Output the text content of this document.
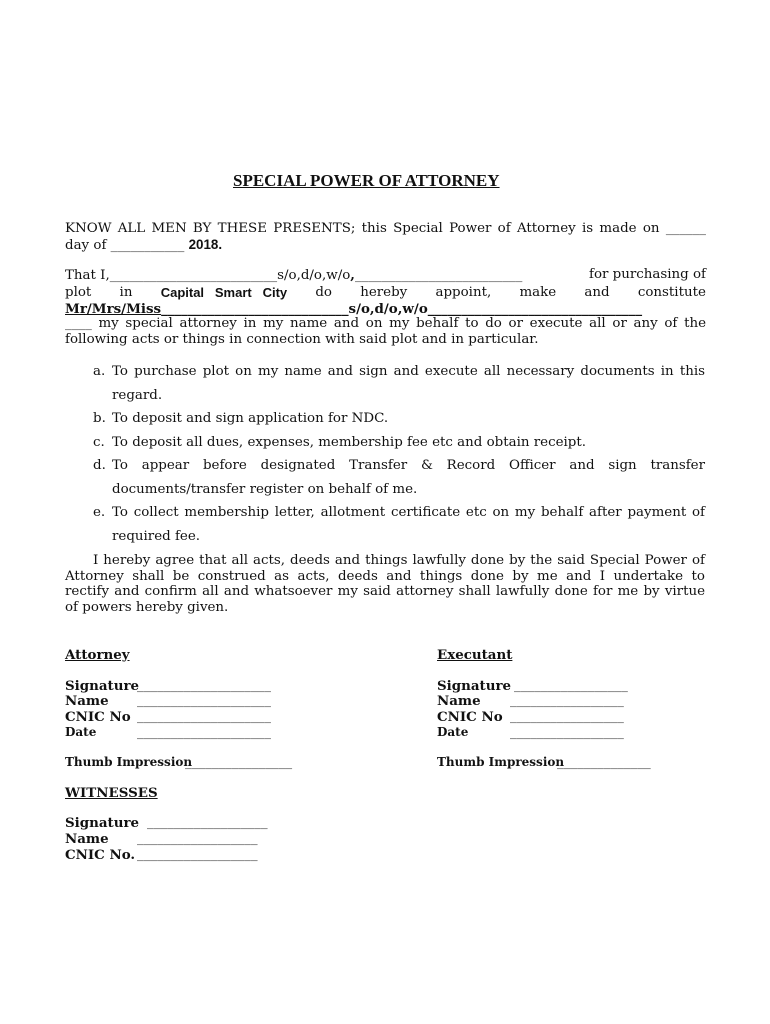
SPECIAL POWER OF ATTORNEY
KNOW ALL MEN BY THESE PRESENTS; this Special Power of Attorney is made on ______
day of ___________ 2018.
That I,_________________________s/o,d/o,w/o,_________________________	for purchasing of
plot in Capital   Smart   City do hereby appoint, make and constitute
Mr/Mrs/Miss____________________________s/o,d/o,w/o________________________________
____ my special attorney in my name and on my behalf to do or execute all or any of the
following acts or things in connection with said plot and in particular.
a. To purchase plot on my name and sign and execute all necessary documents in this
regard.
b. To deposit and sign application for NDC.
c. To deposit all dues, expenses, membership fee etc and obtain receipt.
d. To appear before designated Transfer & Record Officer and sign transfer
documents/transfer register on behalf of me.
e. To collect membership letter, allotment certificate etc on my behalf after payment of
required fee.
I hereby agree that all acts, deeds and things lawfully done by the said Special Power of
Attorney shall be construed as acts, deeds and things done by me and I undertake to
rectify and confirm all and whatsoever my said attorney shall lawfully done for me by virtue
of powers hereby given.
Attorney
Signature
____________________
Name ____________________
CNIC No ____________________
Date	____________________
Thumb Impression
________________
Executant
Signature _________________
Name _________________
CNIC No _________________
Date	_________________
Thumb Impression
______________
WITNESSES
Signature __________________
Name __________________
CNIC No. __________________
